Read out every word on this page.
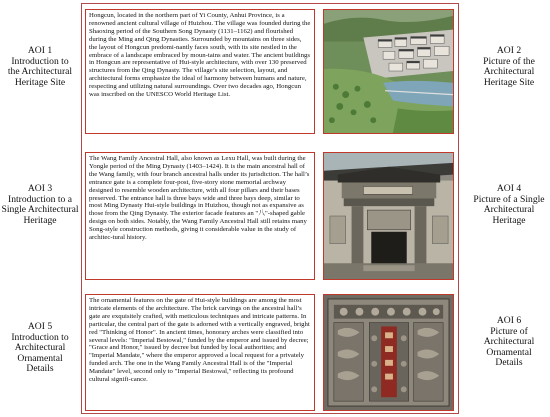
AOI 1
Introduction to
the Architectural
Heritage Site
AOI 3
Introduction to a
Single Architectural
Heritage
AOI 5
Introduction to
Architectural
Ornamental
Details
AOI 2
Picture of the
Architectural
Heritage Site
AOI 4
Picture of a Single
Architectural
Heritage
AOI 6
Picture of
Architectural
Ornamental
Details
Hongcun, located in the northern part of Yi County, Anhui Province, is a renowned ancient cultural village of Huizhou. The village was founded during the Shaoxing period of the Southern Song Dynasty (1131–1162) and flourished during the Ming and Qing Dynasties. Surrounded by mountains on three sides, the layout of Hongcun predomi-nantly faces south, with its site nestled in the embrace of a landscape embraced by moun-tains and water. The ancient buildings in Hongcun are representative of Hui-style architecture, with over 130 preserved structures from the Qing Dynasty. The village’s site selection, layout, and architectural forms emphasize the ideal of harmony between humans and nature, respecting and utilizing natural surroundings. Over two decades ago, Hongcun was inscribed on the UNESCO World Heritage List.
The Wang Family Ancestral Hall, also known as Lexu Hall, was built during the Yongle period of the Ming Dynasty (1403–1424). It is the main ancestral hall of the Wang family, with four branch ancestral halls under its jurisdiction. The hall’s entrance gate is a complete four-post, five-story stone memorial archway designed to resemble wooden architecture, with all four pillars and their bases preserved. The entrance hall is three bays wide and three bays deep, similar to most Ming Dynasty Hui-style buildings in Huizhou, though not as expansive as those from the Qing Dynasty. The exterior facade features an "八"-shaped gable design on both sides. Notably, the Wang Family Ancestral Hall still retains many Song-style construction methods, giving it considerable value in the study of architec-tural history.
The ornamental features on the gate of Hui-style buildings are among the most intricate elements of the architecture. The brick carvings on the ancestral hall’s gate are exquisitely crafted, with meticulous techniques and intricate patterns. In particular, the central part of the gate is adorned with a vertically engraved, bright red "Thinking of Honor". In ancient times, honorary arches were classified into several levels: "Imperial Bestowal," funded by the emperor and issued by decree; "Grace and Honor," issued by decree but funded by local authorities; and "Imperial Mandate," where the emperor approved a local request for a privately funded arch. The one in the Wang Family Ancestral Hall is of the "Imperial Mandate" level, second only to "Imperial Bestowal," reflecting its profound cultural signifi-cance.
